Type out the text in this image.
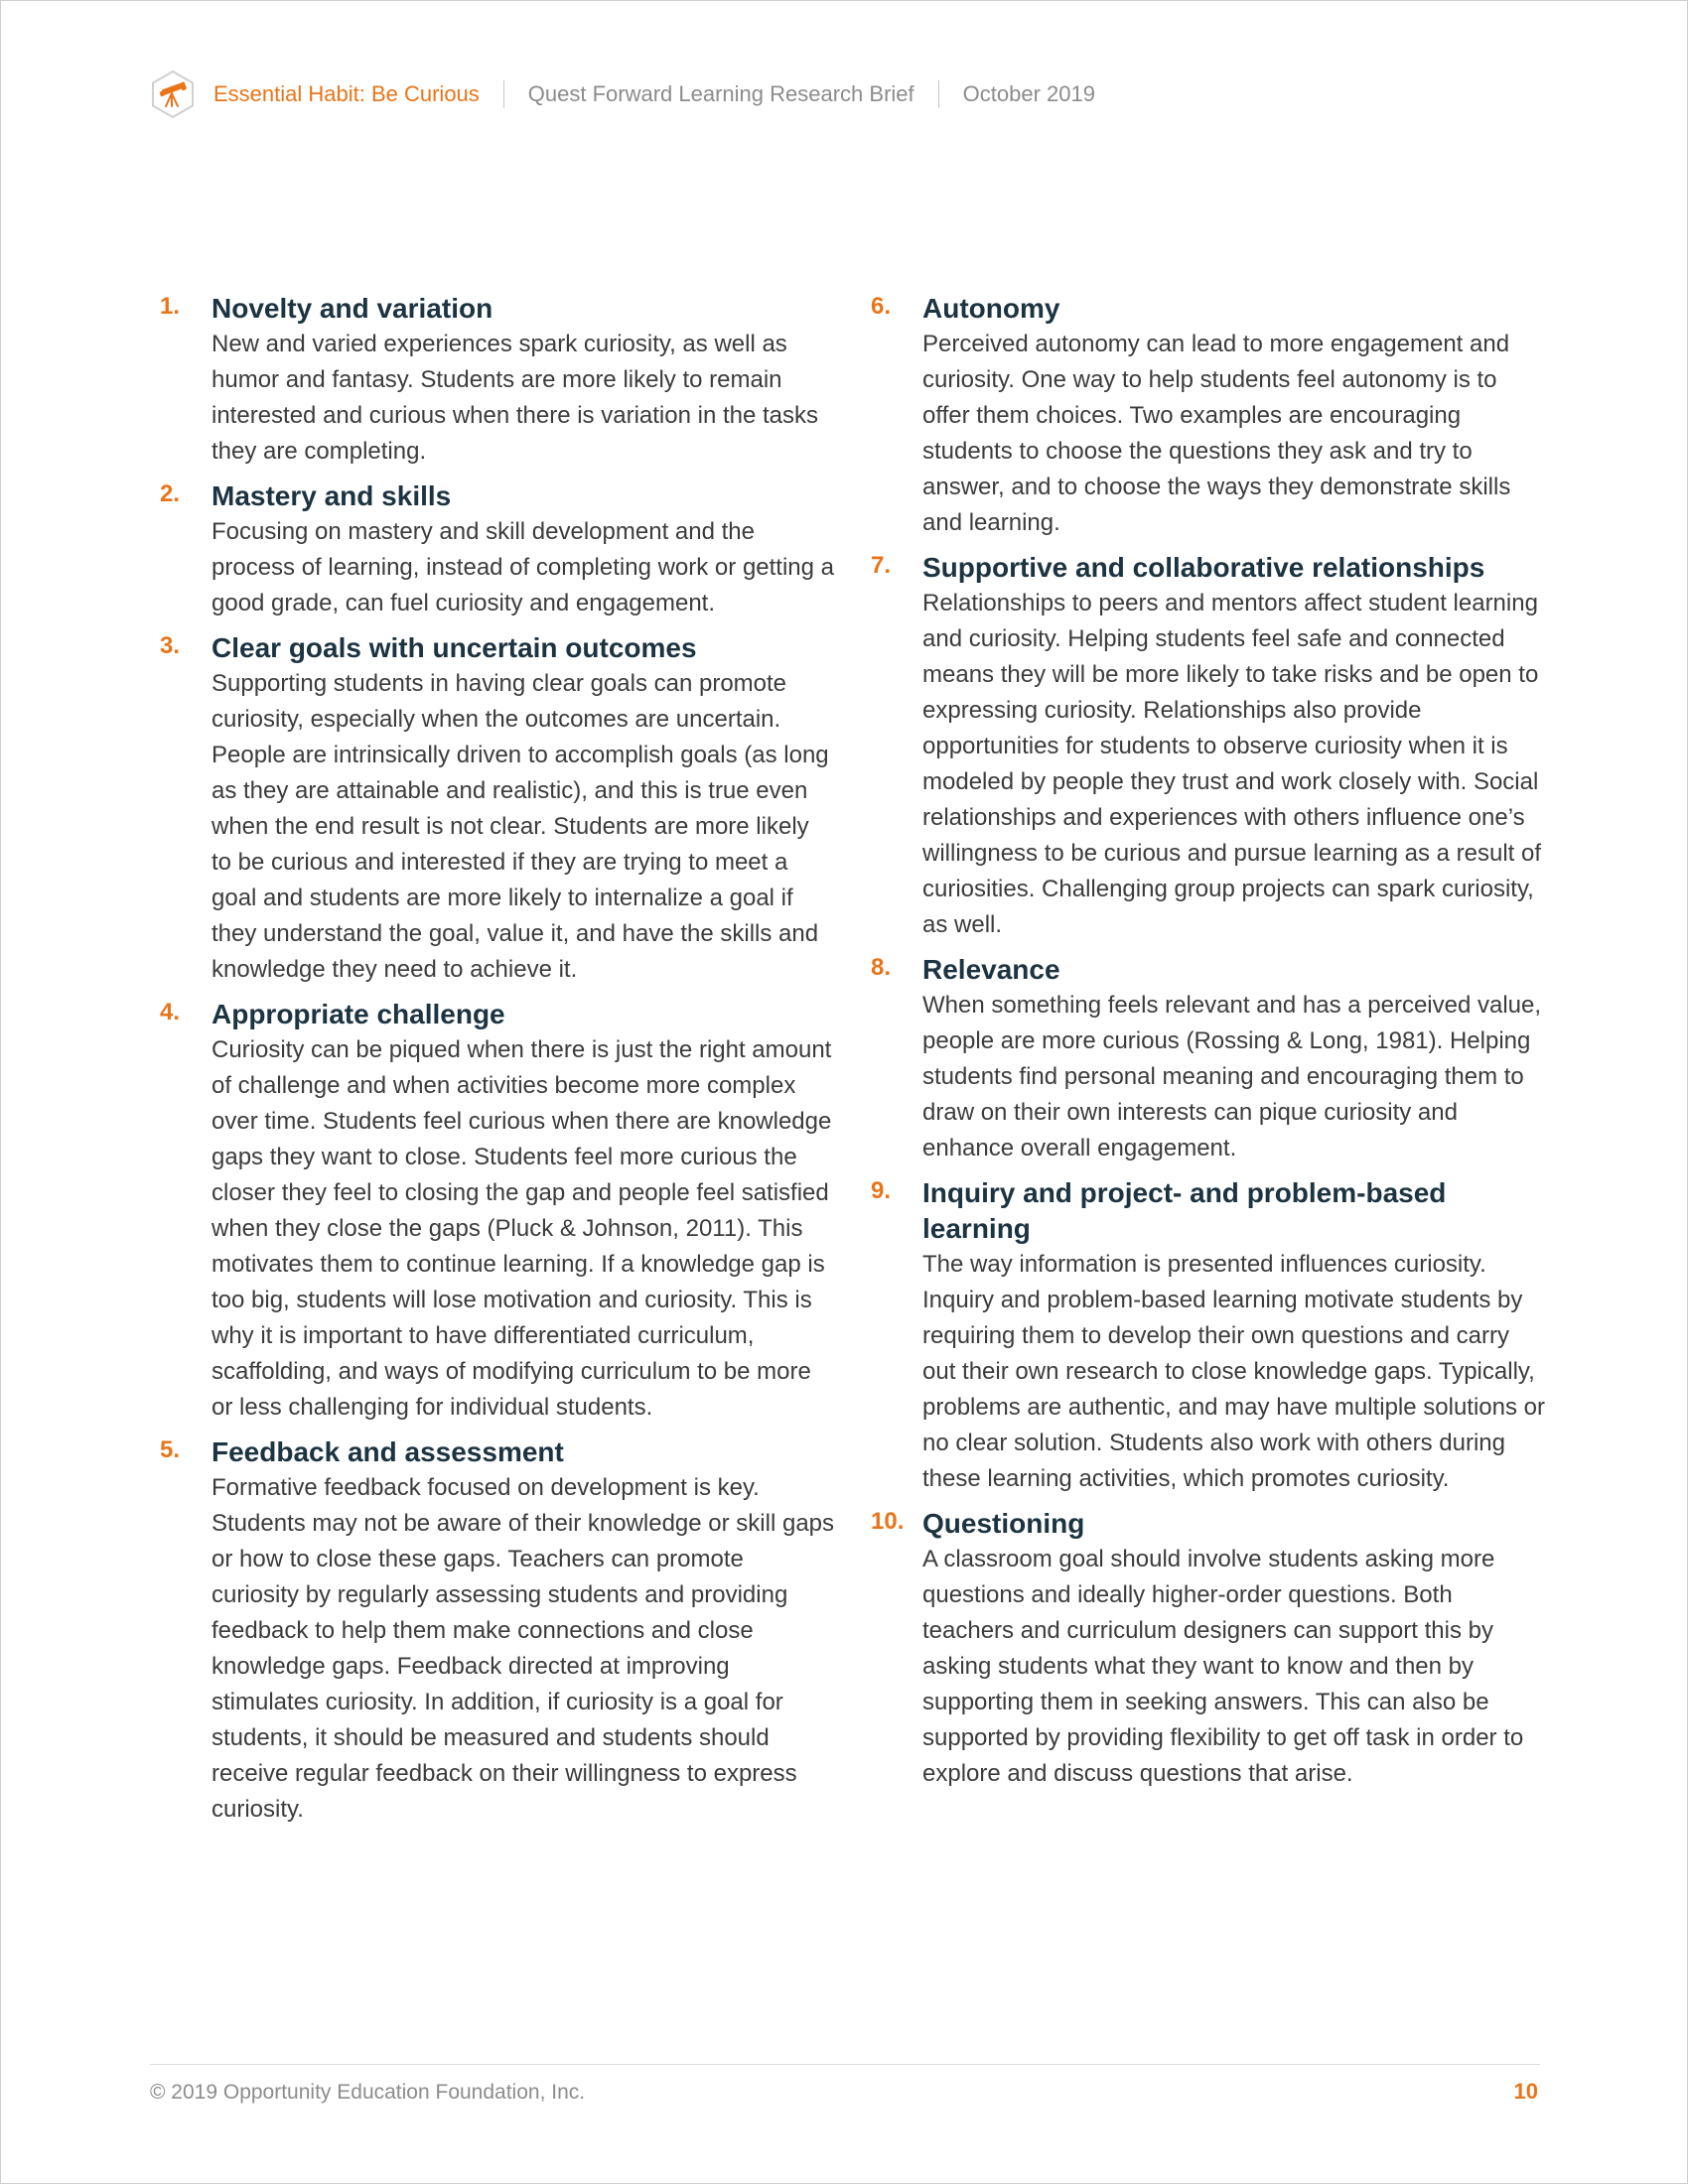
Essential Habit: Be Curious Quest Forward Learning Research Brief October 2019
1. Novelty and variation

New and varied experiences spark curiosity, as well as humor and fantasy. Students are more likely to remain interested and curious when there is variation in the tasks they are completing.

2. Mastery and skills

Focusing on mastery and skill development and the process of learning, instead of completing work or getting a good grade, can fuel curiosity and engagement.

3. Clear goals with uncertain outcomes

Supporting students in having clear goals can promote curiosity, especially when the outcomes are uncertain. People are intrinsically driven to accomplish goals (as long as they are attainable and realistic), and this is true even when the end result is not clear. Students are more likely to be curious and interested if they are trying to meet a goal and students are more likely to internalize a goal if they understand the goal, value it, and have the skills and knowledge they need to achieve it.

4. Appropriate challenge

Curiosity can be piqued when there is just the right amount of challenge and when activities become more complex over time. Students feel curious when there are knowledge gaps they want to close. Students feel more curious the closer they feel to closing the gap and people feel satisfied when they close the gaps (Pluck & Johnson, 2011). This motivates them to continue learning. If a knowledge gap is too big, students will lose motivation and curiosity. This is why it is important to have differentiated curriculum, scaffolding, and ways of modifying curriculum to be more or less challenging for individual students.

5. Feedback and assessment

Formative feedback focused on development is key. Students may not be aware of their knowledge or skill gaps or how to close these gaps. Teachers can promote curiosity by regularly assessing students and providing feedback to help them make connections and close knowledge gaps. Feedback directed at improving stimulates curiosity. In addition, if curiosity is a goal for students, it should be measured and students should receive regular feedback on their willingness to express curiosity.

6. Autonomy

Perceived autonomy can lead to more engagement and curiosity. One way to help students feel autonomy is to offer them choices. Two examples are encouraging students to choose the questions they ask and try to answer, and to choose the ways they demonstrate skills and learning.

7. Supportive and collaborative relationships

Relationships to peers and mentors affect student learning and curiosity. Helping students feel safe and connected means they will be more likely to take risks and be open to expressing curiosity. Relationships also provide opportunities for students to observe curiosity when it is modeled by people they trust and work closely with. Social relationships and experiences with others influence one’s willingness to be curious and pursue learning as a result of curiosities. Challenging group projects can spark curiosity, as well.

8. Relevance

When something feels relevant and has a perceived value, people are more curious (Rossing & Long, 1981). Helping students find personal meaning and encouraging them to draw on their own interests can pique curiosity and enhance overall engagement.

9. Inquiry and project- and problem-based learning

The way information is presented influences curiosity. Inquiry and problem-based learning motivate students by requiring them to develop their own questions and carry out their own research to close knowledge gaps. Typically, problems are authentic, and may have multiple solutions or no clear solution. Students also work with others during these learning activities, which promotes curiosity.

10. Questioning

A classroom goal should involve students asking more questions and ideally higher-order questions. Both teachers and curriculum designers can support this by asking students what they want to know and then by supporting them in seeking answers. This can also be supported by providing flexibility to get off task in order to explore and discuss questions that arise.

© 2019 Opportunity Education Foundation, Inc.	10
